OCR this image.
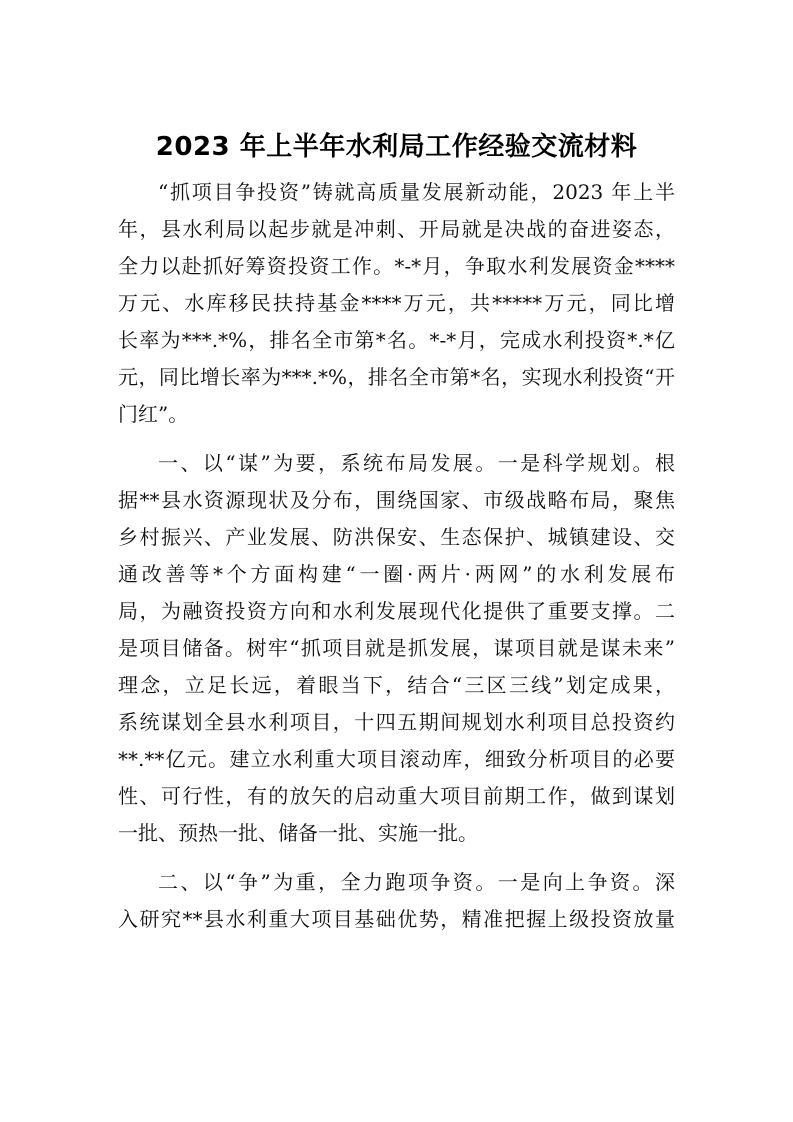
2023 年上半年水利局工作经验交流材料
“抓项目争投资”铸就高质量发展新动能，2023 年上半
年，县水利局以起步就是冲刺、开局就是决战的奋进姿态，
全力以赴抓好筹资投资工作。*-*月，争取水利发展资金****
万元、水库移民扶持基金****万元，共*****万元，同比增
长率为***.*%，排名全市第*名。*-*月，完成水利投资*.*亿
元，同比增长率为***.*%，排名全市第*名，实现水利投资“开
门红”。
一、以“谋”为要，系统布局发展。一是科学规划。根
据**县水资源现状及分布，围绕国家、市级战略布局，聚焦
乡村振兴、产业发展、防洪保安、生态保护、城镇建设、交
通改善等*个方面构建“一圈·两片·两网”的水利发展布
局，为融资投资方向和水利发展现代化提供了重要支撑。二
是项目储备。树牢“抓项目就是抓发展，谋项目就是谋未来”
理念，立足长远，着眼当下，结合“三区三线”划定成果，
系统谋划全县水利项目，十四五期间规划水利项目总投资约
**.**亿元。建立水利重大项目滚动库，细致分析项目的必要
性、可行性，有的放矢的启动重大项目前期工作，做到谋划
一批、预热一批、储备一批、实施一批。
二、以“争”为重，全力跑项争资。一是向上争资。深
入研究**县水利重大项目基础优势，精准把握上级投资放量
